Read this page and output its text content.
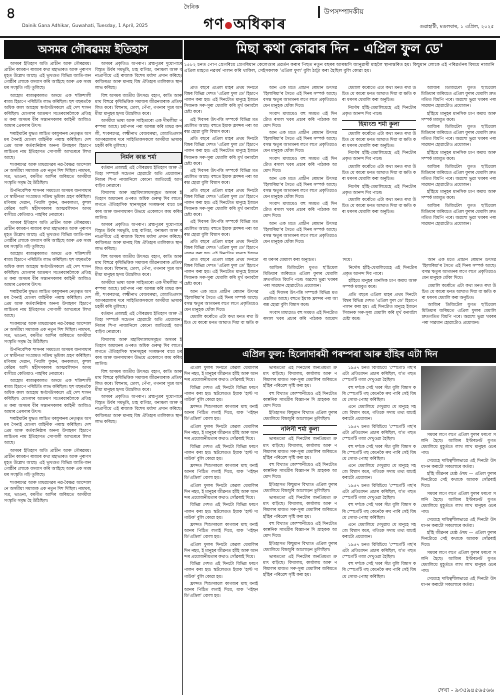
৪
Dainik Gana Adhikar, Guwahati, Tuesday, 1 April, 2025
দৈনিক
গণ অধিকাৰ
উপসম্পাদকীয়
গুৱাহাটী, মঙলবাৰ, ১ এপ্ৰিল, ২০২৫
অসমৰ গৌৰৱময় ইতিহাস

অসমৰ ইতিহাস অতি প্ৰাচীন আৰু গৌৰৱময়। প্ৰাচীন কামৰূপ ৰাজ্যৰ কথা মহাভাৰত আৰু পুৰাণসমূহত উল্লেখ আছে। এই ভূখণ্ডত বিভিন্ন জাতি-জনগোষ্ঠীৰ লোকে বসবাস কৰি আহিছে আৰু এক সমন্বয়ৰ সংস্কৃতি গঢ়ি তুলিছে।

আহোম ৰাজত্বকালত অসমে এক শক্তিশালী ৰাজ্য হিচাপে পৰিচিতি লাভ কৰিছিল। ছশ বছৰতকৈ অধিক কাল আহোম স্বৰ্গদেউসকলে এই দেশ শাসন কৰিছিল। মোগলৰ আক্ৰমণ সতেৰবাৰলৈকে প্ৰতিহত কৰা অসমৰ বীৰ সন্তানসকলৰ কাহিনী আজিও আমাৰ প্ৰেৰণাৰ উৎস।

শৰাইঘাটৰ যুদ্ধত লাচিত বৰফুকনৰ নেতৃত্বত অসমৰ সৈন্যই মোগল বাহিনীক পৰাস্ত কৰিছিল। দেশপ্ৰেম আৰু কৰ্তব্যনিষ্ঠাৰ অনন্য উদাহৰণ হিচাপে লাচিতৰ নাম ইতিহাসত সোণালী আখৰেৰে লিখা আছে।

শংকৰদেৱ আৰু মাধৱদেৱৰ নৱ-বৈষ্ণৱ আন্দোলনে অসমীয়া সমাজক এক নতুন দিশ দিছিল। নামঘৰ, সত্ৰ, ভাওনা, বৰগীত আদিৰ জৰিয়তে অসমীয়া সংস্কৃতি সমৃদ্ধ হৈ উঠিছিল।

উপনিবেশিক শাসনৰ সময়তো অসমৰ জনসাধাৰণে স্বাধীনতা সংগ্ৰামত সক্ৰিয় ভূমিকা গ্ৰহণ কৰিছিল। মণিৰাম দেৱান, পিয়লি ফুকন, কনকলতা, কুশল কোঁৱৰ আদি শ্বহীদসকলৰ আত্মবলিদান অসমবাসীয়ে কেতিয়াও পাহৰিব নোৱাৰে।

অসমৰ ইতিহাস অতি প্ৰাচীন আৰু গৌৰৱময়। প্ৰাচীন কামৰূপ ৰাজ্যৰ কথা মহাভাৰত আৰু পুৰাণসমূহত উল্লেখ আছে। এই ভূখণ্ডত বিভিন্ন জাতি-জনগোষ্ঠীৰ লোকে বসবাস কৰি আহিছে আৰু এক সমন্বয়ৰ সংস্কৃতি গঢ়ি তুলিছে।

আহোম ৰাজত্বকালত অসমে এক শক্তিশালী ৰাজ্য হিচাপে পৰিচিতি লাভ কৰিছিল। ছশ বছৰতকৈ অধিক কাল আহোম স্বৰ্গদেউসকলে এই দেশ শাসন কৰিছিল। মোগলৰ আক্ৰমণ সতেৰবাৰলৈকে প্ৰতিহত কৰা অসমৰ বীৰ সন্তানসকলৰ কাহিনী আজিও আমাৰ প্ৰেৰণাৰ উৎস।

শৰাইঘাটৰ যুদ্ধত লাচিত বৰফুকনৰ নেতৃত্বত অসমৰ সৈন্যই মোগল বাহিনীক পৰাস্ত কৰিছিল। দেশপ্ৰেম আৰু কৰ্তব্যনিষ্ঠাৰ অনন্য উদাহৰণ হিচাপে লাচিতৰ নাম ইতিহাসত সোণালী আখৰেৰে লিখা আছে।

শংকৰদেৱ আৰু মাধৱদেৱৰ নৱ-বৈষ্ণৱ আন্দোলনে অসমীয়া সমাজক এক নতুন দিশ দিছিল। নামঘৰ, সত্ৰ, ভাওনা, বৰগীত আদিৰ জৰিয়তে অসমীয়া সংস্কৃতি সমৃদ্ধ হৈ উঠিছিল।

উপনিবেশিক শাসনৰ সময়তো অসমৰ জনসাধাৰণে স্বাধীনতা সংগ্ৰামত সক্ৰিয় ভূমিকা গ্ৰহণ কৰিছিল। মণিৰাম দেৱান, পিয়লি ফুকন, কনকলতা, কুশল কোঁৱৰ আদি শ্বহীদসকলৰ আত্মবলিদান অসমবাসীয়ে কেতিয়াও পাহৰিব নোৱাৰে।

আহোম ৰাজত্বকালত অসমে এক শক্তিশালী ৰাজ্য হিচাপে পৰিচিতি লাভ কৰিছিল। ছশ বছৰতকৈ অধিক কাল আহোম স্বৰ্গদেউসকলে এই দেশ শাসন কৰিছিল। মোগলৰ আক্ৰমণ সতেৰবাৰলৈকে প্ৰতিহত কৰা অসমৰ বীৰ সন্তানসকলৰ কাহিনী আজিও আমাৰ প্ৰেৰণাৰ উৎস।

শৰাইঘাটৰ যুদ্ধত লাচিত বৰফুকনৰ নেতৃত্বত অসমৰ সৈন্যই মোগল বাহিনীক পৰাস্ত কৰিছিল। দেশপ্ৰেম আৰু কৰ্তব্যনিষ্ঠাৰ অনন্য উদাহৰণ হিচাপে লাচিতৰ নাম ইতিহাসত সোণালী আখৰেৰে লিখা আছে।

অসমৰ ইতিহাস অতি প্ৰাচীন আৰু গৌৰৱময়। প্ৰাচীন কামৰূপ ৰাজ্যৰ কথা মহাভাৰত আৰু পুৰাণসমূহত উল্লেখ আছে। এই ভূখণ্ডত বিভিন্ন জাতি-জনগোষ্ঠীৰ লোকে বসবাস কৰি আহিছে আৰু এক সমন্বয়ৰ সংস্কৃতি গঢ়ি তুলিছে।

শংকৰদেৱ আৰু মাধৱদেৱৰ নৱ-বৈষ্ণৱ আন্দোলনে অসমীয়া সমাজক এক নতুন দিশ দিছিল। নামঘৰ, সত্ৰ, ভাওনা, বৰগীত আদিৰ জৰিয়তে অসমীয়া সংস্কৃতি সমৃদ্ধ হৈ উঠিছিল।

অসমৰ প্ৰকৃতিও অপৰূপ। ব্ৰহ্মপুত্ৰৰ দুয়োপাৰে বিস্তৃত উৰ্বৰ সমভূমি, চাহ বাগিচা, বনাঞ্চল আৰু বন্যপ্ৰাণীয়ে এই ৰাজ্যক বিশেষ মৰ্যাদা প্ৰদান কৰিছে। কাজিৰঙা আৰু মানাহ বিশ্ব ঐতিহ্যৰ তালিকাত স্থান লাভ কৰিছে।

বিহু অসমৰ জাতীয় উৎসৱ। বহাগ, কাতি আৰু মাঘ বিহুৱে কৃষিভিত্তিক সমাজৰ জীৱনধাৰাক প্ৰতিফলিত কৰে। বিহুনাম, ঢোল, পেঁপা, গগনাৰ সুৰে অসমীয়া মানুহৰ হৃদয় উদ্বেলিত কৰে।

অসমীয়া ভাষা আৰু সাহিত্যৰো এক দীঘলীয়া পৰম্পৰা আছে। চৰ্যাপদৰ পৰা আৰম্ভ কৰি মাধৱ কন্দলী, শংকৰদেৱ, লক্ষ্মীনাথ বেজবৰুৱা, জ্যোতিপ্ৰসাদ আগৰৱালাৰ দৰে সাহিত্যিকসকলে অসমীয়া ভাষাক চহকী কৰি তুলিছে।

নিৰ্মল কান্ত শৰ্মা

বৰ্তমান প্ৰজন্মই এই গৌৰৱময় ইতিহাস আৰু ঐতিহ্য সম্পৰ্কে সচেতন হোৱাটো অতি প্ৰয়োজন। নিজৰ শিপা নাজানিলে কোনো জাতিয়েই আগবাঢ়িব নোৱাৰে।

বিদ্যালয় আৰু মহাবিদ্যালয়সমূহত অসমৰ ইতিহাস অধ্যয়নৰ ওপৰত অধিক গুৰুত্ব দিব লাগে। লগতে ঐতিহাসিক স্থানসমূহৰ সংৰক্ষণৰ বাবে চৰকাৰ আৰু জনসাধাৰণ উভয়ে একেলগে কাম কৰিব লাগিব।

অসমৰ প্ৰকৃতিও অপৰূপ। ব্ৰহ্মপুত্ৰৰ দুয়োপাৰে বিস্তৃত উৰ্বৰ সমভূমি, চাহ বাগিচা, বনাঞ্চল আৰু বন্যপ্ৰাণীয়ে এই ৰাজ্যক বিশেষ মৰ্যাদা প্ৰদান কৰিছে। কাজিৰঙা আৰু মানাহ বিশ্ব ঐতিহ্যৰ তালিকাত স্থান লাভ কৰিছে।

বিহু অসমৰ জাতীয় উৎসৱ। বহাগ, কাতি আৰু মাঘ বিহুৱে কৃষিভিত্তিক সমাজৰ জীৱনধাৰাক প্ৰতিফলিত কৰে। বিহুনাম, ঢোল, পেঁপা, গগনাৰ সুৰে অসমীয়া মানুহৰ হৃদয় উদ্বেলিত কৰে।

অসমীয়া ভাষা আৰু সাহিত্যৰো এক দীঘলীয়া পৰম্পৰা আছে। চৰ্যাপদৰ পৰা আৰম্ভ কৰি মাধৱ কন্দলী, শংকৰদেৱ, লক্ষ্মীনাথ বেজবৰুৱা, জ্যোতিপ্ৰসাদ আগৰৱালাৰ দৰে সাহিত্যিকসকলে অসমীয়া ভাষাক চহকী কৰি তুলিছে।

বৰ্তমান প্ৰজন্মই এই গৌৰৱময় ইতিহাস আৰু ঐতিহ্য সম্পৰ্কে সচেতন হোৱাটো অতি প্ৰয়োজন। নিজৰ শিপা নাজানিলে কোনো জাতিয়েই আগবাঢ়িব নোৱাৰে।

বিদ্যালয় আৰু মহাবিদ্যালয়সমূহত অসমৰ ইতিহাস অধ্যয়নৰ ওপৰত অধিক গুৰুত্ব দিব লাগে। লগতে ঐতিহাসিক স্থানসমূহৰ সংৰক্ষণৰ বাবে চৰকাৰ আৰু জনসাধাৰণ উভয়ে একেলগে কাম কৰিব লাগিব।

বিহু অসমৰ জাতীয় উৎসৱ। বহাগ, কাতি আৰু মাঘ বিহুৱে কৃষিভিত্তিক সমাজৰ জীৱনধাৰাক প্ৰতিফলিত কৰে। বিহুনাম, ঢোল, পেঁপা, গগনাৰ সুৰে অসমীয়া মানুহৰ হৃদয় উদ্বেলিত কৰে।

অসমৰ প্ৰকৃতিও অপৰূপ। ব্ৰহ্মপুত্ৰৰ দুয়োপাৰে বিস্তৃত উৰ্বৰ সমভূমি, চাহ বাগিচা, বনাঞ্চল আৰু বন্যপ্ৰাণীয়ে এই ৰাজ্যক বিশেষ মৰ্যাদা প্ৰদান কৰিছে। কাজিৰঙা আৰু মানাহ বিশ্ব ঐতিহ্যৰ তালিকাত স্থান লাভ কৰিছে।

মিছা কথা কোৱাৰ দিন - এপ্ৰিল ফুল ডে'
১৫৮২ চনত পোপ গ্ৰেগৰিয়ে গ্ৰেগৰিয়ান কেলেণ্ডাৰ প্ৰৱৰ্তন কৰাৰ পিছত নতুন বছৰৰ আৰম্ভণি জানুৱাৰী মাহলৈ স্থানান্তৰিত হয়। কিছুমান লোকে এই পৰিৱৰ্তনৰ বিষয়ে নাজানি এপ্ৰিল মাহতে নৱবৰ্ষ পালন কৰি থাকিল, সেইসকলক 'এপ্ৰিল ফুল' বুলি ঠাট্টা কৰা হৈছিল বুলি কোৱা হয়।

প্ৰতি বছৰে এপ্ৰিল মাহৰ প্ৰথম দিনটো বিশ্বৰ বিভিন্ন দেশত 'এপ্ৰিল ফুল ডে' হিচাপে পালন কৰা হয়। এই দিনটোত মানুহে ইজনে সিজনক সৰু-সুৰা ধেমালি কৰি মূৰ্খ বনাবলৈ চেষ্টা কৰে।

এই দিবসৰ উৎপত্তি সম্পৰ্কে বিভিন্ন মত প্ৰচলিত আছে। বহুতে ইয়াক ফ্ৰান্সৰ পৰা আৰম্ভ হোৱা বুলি বিশ্বাস কৰে।

প্ৰতি বছৰে এপ্ৰিল মাহৰ প্ৰথম দিনটো বিশ্বৰ বিভিন্ন দেশত 'এপ্ৰিল ফুল ডে' হিচাপে পালন কৰা হয়। এই দিনটোত মানুহে ইজনে সিজনক সৰু-সুৰা ধেমালি কৰি মূৰ্খ বনাবলৈ চেষ্টা কৰে।

এই দিবসৰ উৎপত্তি সম্পৰ্কে বিভিন্ন মত প্ৰচলিত আছে। বহুতে ইয়াক ফ্ৰান্সৰ পৰা আৰম্ভ হোৱা বুলি বিশ্বাস কৰে।

প্ৰতি বছৰে এপ্ৰিল মাহৰ প্ৰথম দিনটো বিশ্বৰ বিভিন্ন দেশত 'এপ্ৰিল ফুল ডে' হিচাপে পালন কৰা হয়। এই দিনটোত মানুহে ইজনে সিজনক সৰু-সুৰা ধেমালি কৰি মূৰ্খ বনাবলৈ চেষ্টা কৰে।

এই দিবসৰ উৎপত্তি সম্পৰ্কে বিভিন্ন মত প্ৰচলিত আছে। বহুতে ইয়াক ফ্ৰান্সৰ পৰা আৰম্ভ হোৱা বুলি বিশ্বাস কৰে।

প্ৰতি বছৰে এপ্ৰিল মাহৰ প্ৰথম দিনটো বিশ্বৰ বিভিন্ন দেশত 'এপ্ৰিল ফুল ডে' হিচাপে

আন এক মতে প্ৰাচীন ৰোমান উৎসৱ 'হিলাৰিয়া'ৰ সৈতে এই দিনৰ সম্পৰ্ক আছে। বসন্ত ঋতুৰ আগমনৰ লগে লগে প্ৰকৃতিয়েও যেন মানুহক ধোঁকা দিয়ে।

সংবাদ মাধ্যমেও বহু সময়ত এই দিনটোত ৰসাল খবৰ প্ৰচাৰ কৰি পাঠকক আমোদ দিয়ে।

আন এক মতে প্ৰাচীন ৰোমান উৎসৱ 'হিলাৰিয়া'ৰ সৈতে এই দিনৰ সম্পৰ্ক আছে। বসন্ত ঋতুৰ আগমনৰ লগে লগে প্ৰকৃতিয়েও যেন মানুহক ধোঁকা দিয়ে।

সংবাদ মাধ্যমেও বহু সময়ত এই দিনটোত ৰসাল খবৰ প্ৰচাৰ কৰি পাঠকক আমোদ দিয়ে।

আন এক মতে প্ৰাচীন ৰোমান উৎসৱ 'হিলাৰিয়া'ৰ সৈতে এই দিনৰ সম্পৰ্ক আছে। বসন্ত ঋতুৰ আগমনৰ লগে লগে প্ৰকৃতিয়েও যেন মানুহক ধোঁকা দিয়ে।

সংবাদ মাধ্যমেও বহু সময়ত এই দিনটোত ৰসাল খবৰ প্ৰচাৰ কৰি পাঠকক আমোদ দিয়ে।

আন এক মতে প্ৰাচীন ৰোমান উৎসৱ 'হিলাৰিয়া'ৰ সৈতে এই দিনৰ সম্পৰ্ক আছে। বসন্ত ঋতুৰ আগমনৰ লগে লগে প্ৰকৃতিয়েও যেন মানুহক ধোঁকা দিয়ে।

ধেমালি কৰোঁতে এটা কথা মনত ৰখা উচিত যে কাৰো মনত আঘাত দিয়া বা ক্ষতি কৰা ধৰণৰ ধেমালি কৰা অনুচিত।

নিৰ্দোষ হাঁহি-ধেমালিয়েহে এই দিনটোৰ প্ৰকৃত আনন্দ দিব পাৰে।

হিমাংশু শৰ্মা কুলা

ধেমালি কৰোঁতে এটা কথা মনত ৰখা উচিত যে কাৰো মনত আঘাত দিয়া বা ক্ষতি কৰা ধৰণৰ ধেমালি কৰা অনুচিত।

নিৰ্দোষ হাঁহি-ধেমালিয়েহে এই দিনটোৰ প্ৰকৃত আনন্দ দিব পাৰে।

ধেমালি কৰোঁতে এটা কথা মনত ৰখা উচিত যে কাৰো মনত আঘাত দিয়া বা ক্ষতি কৰা ধৰণৰ ধেমালি কৰা অনুচিত।

নিৰ্দোষ হাঁহি-ধেমালিয়েহে এই দিনটোৰ প্ৰকৃত আনন্দ দিব পাৰে।

ধেমালি কৰোঁতে এটা কথা মনত ৰখা উচিত যে কাৰো মনত আঘাত দিয়া বা ক্ষতি কৰা ধৰণৰ ধেমালি কৰা অনুচিত।

আজিৰ ডিজিটেল যুগত ছ'চিয়েল মিডিয়াৰ জৰিয়তে এপ্ৰিল ফুলৰ ধেমালি দ্ৰুতগতিত বিয়পি পৰে। অৱশ্যে ভুৱা খবৰৰ পৰা সাৱধান হোৱাটোও প্ৰয়োজন।

হাঁহিয়ে মানুহৰ মানসিক চাপ কমায় আৰু সম্পৰ্ক মজবুত কৰে।

আজিৰ ডিজিটেল যুগত ছ'চিয়েল মিডিয়াৰ জৰিয়তে এপ্ৰিল ফুলৰ ধেমালি দ্ৰুতগতিত বিয়পি পৰে। অৱশ্যে ভুৱা খবৰৰ পৰা সাৱধান হোৱাটোও প্ৰয়োজন।

হাঁহিয়ে মানুহৰ মানসিক চাপ কমায় আৰু সম্পৰ্ক মজবুত কৰে।

আজিৰ ডিজিটেল যুগত ছ'চিয়েল মিডিয়াৰ জৰিয়তে এপ্ৰিল ফুলৰ ধেমালি দ্ৰুতগতিত বিয়পি পৰে। অৱশ্যে ভুৱা খবৰৰ পৰা সাৱধান হোৱাটোও প্ৰয়োজন।

হাঁহিয়ে মানুহৰ মানসিক চাপ কমায় আৰু সম্পৰ্ক মজবুত কৰে।

আজিৰ ডিজিটেল যুগত ছ'চিয়েল মিডিয়াৰ জৰিয়তে এপ্ৰিল ফুলৰ ধেমালি দ্ৰুতগতিত বিয়পি পৰে। অৱশ্যে ভুৱা খবৰৰ পৰা সাৱধান হোৱাটোও প্ৰয়োজন।

প্ৰতি বছৰে এপ্ৰিল মাহৰ প্ৰথম দিনটো বিশ্বৰ বিভিন্ন দেশত 'এপ্ৰিল ফুল ডে' হিচাপে পালন কৰা হয়। এই দিনটোত মানুহে ইজনে সিজনক সৰু-সুৰা ধেমালি কৰি মূৰ্খ বনাবলৈ চেষ্টা কৰে।

আন এক মতে প্ৰাচীন ৰোমান উৎসৱ 'হিলাৰিয়া'ৰ সৈতে এই দিনৰ সম্পৰ্ক আছে। বসন্ত ঋতুৰ আগমনৰ লগে লগে প্ৰকৃতিয়েও যেন মানুহক ধোঁকা দিয়ে।

ধেমালি কৰোঁতে এটা কথা মনত ৰখা উচিত যে কাৰো মনত আঘাত দিয়া বা ক্ষতি কৰা ধৰণৰ ধেমালি কৰা অনুচিত।

আজিৰ ডিজিটেল যুগত ছ'চিয়েল মিডিয়াৰ জৰিয়তে এপ্ৰিল ফুলৰ ধেমালি দ্ৰুতগতিত বিয়পি পৰে। অৱশ্যে ভুৱা খবৰৰ পৰা সাৱধান হোৱাটোও প্ৰয়োজন।

এই দিবসৰ উৎপত্তি সম্পৰ্কে বিভিন্ন মত প্ৰচলিত আছে। বহুতে ইয়াক ফ্ৰান্সৰ পৰা আৰম্ভ হোৱা বুলি বিশ্বাস কৰে।

সংবাদ মাধ্যমেও বহু সময়ত এই দিনটোত ৰসাল খবৰ প্ৰচাৰ কৰি পাঠকক আমোদ দিয়ে।

নিৰ্দোষ হাঁহি-ধেমালিয়েহে এই দিনটোৰ প্ৰকৃত আনন্দ দিব পাৰে।

হাঁহিয়ে মানুহৰ মানসিক চাপ কমায় আৰু সম্পৰ্ক মজবুত কৰে।

প্ৰতি বছৰে এপ্ৰিল মাহৰ প্ৰথম দিনটো বিশ্বৰ বিভিন্ন দেশত 'এপ্ৰিল ফুল ডে' হিচাপে পালন কৰা হয়। এই দিনটোত মানুহে ইজনে সিজনক সৰু-সুৰা ধেমালি কৰি মূৰ্খ বনাবলৈ চেষ্টা কৰে।

আন এক মতে প্ৰাচীন ৰোমান উৎসৱ 'হিলাৰিয়া'ৰ সৈতে এই দিনৰ সম্পৰ্ক আছে। বসন্ত ঋতুৰ আগমনৰ লগে লগে প্ৰকৃতিয়েও যেন মানুহক ধোঁকা দিয়ে।

ধেমালি কৰোঁতে এটা কথা মনত ৰখা উচিত যে কাৰো মনত আঘাত দিয়া বা ক্ষতি কৰা ধৰণৰ ধেমালি কৰা অনুচিত।

আজিৰ ডিজিটেল যুগত ছ'চিয়েল মিডিয়াৰ জৰিয়তে এপ্ৰিল ফুলৰ ধেমালি দ্ৰুতগতিত বিয়পি পৰে। অৱশ্যে ভুৱা খবৰৰ পৰা সাৱধান হোৱাটোও প্ৰয়োজন।

এপ্ৰিল ফুল: হিলোদাৰমী পৰম্পৰা আৰু হাঁহিৰ এটা দিন

এপ্ৰিল ফুলৰ দিনটো কেৱল ধেমালিৰ দিন নহয়, ই মানুহৰ জীৱনত হাঁহি আৰু আনন্দৰ প্ৰয়োজনীয়তাৰ কথাও সোঁৱৰাই দিয়ে।

বিভিন্ন দেশত এই দিনটো বিভিন্ন ধৰণে পালন কৰা হয়। স্কটলেণ্ডত ইয়াক 'হান্ট দ্য গাউক' বুলি কোৱা হয়।

ফ্ৰান্সত শিশুসকলে কাগজৰ মাছ বনাই আনৰ পিঠিত লগাই দিয়ে, যাক 'পইছন ডি'এভ্ৰিল' বোলা হয়।

এপ্ৰিল ফুলৰ দিনটো কেৱল ধেমালিৰ দিন নহয়, ই মানুহৰ জীৱনত হাঁহি আৰু আনন্দৰ প্ৰয়োজনীয়তাৰ কথাও সোঁৱৰাই দিয়ে।

বিভিন্ন দেশত এই দিনটো বিভিন্ন ধৰণে পালন কৰা হয়। স্কটলেণ্ডত ইয়াক 'হান্ট দ্য গাউক' বুলি কোৱা হয়।

ফ্ৰান্সত শিশুসকলে কাগজৰ মাছ বনাই আনৰ পিঠিত লগাই দিয়ে, যাক 'পইছন ডি'এভ্ৰিল' বোলা হয়।

এপ্ৰিল ফুলৰ দিনটো কেৱল ধেমালিৰ দিন নহয়, ই মানুহৰ জীৱনত হাঁহি আৰু আনন্দৰ প্ৰয়োজনীয়তাৰ কথাও সোঁৱৰাই দিয়ে।

বিভিন্ন দেশত এই দিনটো বিভিন্ন ধৰণে পালন কৰা হয়। স্কটলেণ্ডত ইয়াক 'হান্ট দ্য গাউক' বুলি কোৱা হয়।

ফ্ৰান্সত শিশুসকলে কাগজৰ মাছ বনাই আনৰ পিঠিত লগাই দিয়ে, যাক 'পইছন ডি'এভ্ৰিল' বোলা হয়।

এপ্ৰিল ফুলৰ দিনটো কেৱল ধেমালিৰ দিন নহয়, ই মানুহৰ জীৱনত হাঁহি আৰু আনন্দৰ প্ৰয়োজনীয়তাৰ কথাও সোঁৱৰাই দিয়ে।

বিভিন্ন দেশত এই দিনটো বিভিন্ন ধৰণে পালন কৰা হয়। স্কটলেণ্ডত ইয়াক 'হান্ট দ্য গাউক' বুলি কোৱা হয়।

ফ্ৰান্সত শিশুসকলে কাগজৰ মাছ বনাই আনৰ পিঠিত লগাই দিয়ে, যাক 'পইছন ডি'এভ্ৰিল' বোলা হয়।

ভাৰততো এই দিনটোৰ জনপ্ৰিয়তা ক্ৰমাৎ বাঢ়িছে। বিদ্যালয়, কাৰ্যালয় আৰু পৰিয়ালৰ মাজত সৰু-সুৰা ধেমালিৰ জৰিয়তে হাঁহিৰ পৰিৱেশ সৃষ্টি কৰা হয়।

বহু বিখ্যাত কোম্পানীয়েও এই দিনটোত কাল্পনিক সামগ্ৰীৰ বিজ্ঞাপন দি গ্ৰাহকক আমোদ দিয়ে।

ইতিহাসত কিছুমান বিখ্যাত এপ্ৰিল ফুলৰ ধেমালিয়ে বিশ্বজুৰি আলোড়ন তুলিছিল।

নলিনী শৰ্মা কুলা

ভাৰততো এই দিনটোৰ জনপ্ৰিয়তা ক্ৰমাৎ বাঢ়িছে। বিদ্যালয়, কাৰ্যালয় আৰু পৰিয়ালৰ মাজত সৰু-সুৰা ধেমালিৰ জৰিয়তে হাঁহিৰ পৰিৱেশ সৃষ্টি কৰা হয়।

বহু বিখ্যাত কোম্পানীয়েও এই দিনটোত কাল্পনিক সামগ্ৰীৰ বিজ্ঞাপন দি গ্ৰাহকক আমোদ দিয়ে।

ইতিহাসত কিছুমান বিখ্যাত এপ্ৰিল ফুলৰ ধেমালিয়ে বিশ্বজুৰি আলোড়ন তুলিছিল।

ভাৰততো এই দিনটোৰ জনপ্ৰিয়তা ক্ৰমাৎ বাঢ়িছে। বিদ্যালয়, কাৰ্যালয় আৰু পৰিয়ালৰ মাজত সৰু-সুৰা ধেমালিৰ জৰিয়তে হাঁহিৰ পৰিৱেশ সৃষ্টি কৰা হয়।

বহু বিখ্যাত কোম্পানীয়েও এই দিনটোত কাল্পনিক সামগ্ৰীৰ বিজ্ঞাপন দি গ্ৰাহকক আমোদ দিয়ে।

ইতিহাসত কিছুমান বিখ্যাত এপ্ৰিল ফুলৰ ধেমালিয়ে বিশ্বজুৰি আলোড়ন তুলিছিল।

ভাৰততো এই দিনটোৰ জনপ্ৰিয়তা ক্ৰমাৎ বাঢ়িছে। বিদ্যালয়, কাৰ্যালয় আৰু পৰিয়ালৰ মাজত সৰু-সুৰা ধেমালিৰ জৰিয়তে হাঁহিৰ পৰিৱেশ সৃষ্টি কৰা হয়।

১৯৫৭ চনত বিবিচিয়ে 'স্পেগেটি গছ'ৰ এটা প্ৰতিবেদন প্ৰচাৰ কৰিছিল, য'ত গছত স্পেগেটি গজা দেখুওৱা হৈছিল।

বহু দৰ্শকে সেই খবৰ সঁচা বুলি বিশ্বাস কৰি স্পেগেটি গছ কেনেকৈ ৰুব পাৰি সেই বিষয়ে সোধা-পোছা কৰিছিল।

এনে ধেমালিয়ে দেখুৱায় যে মানুহে সহজে বিশ্বাস কৰে, গতিকে সদায় তথ্য যাচাই কৰাটো প্ৰয়োজন।

১৯৫৭ চনত বিবিচিয়ে 'স্পেগেটি গছ'ৰ এটা প্ৰতিবেদন প্ৰচাৰ কৰিছিল, য'ত গছত স্পেগেটি গজা দেখুওৱা হৈছিল।

বহু দৰ্শকে সেই খবৰ সঁচা বুলি বিশ্বাস কৰি স্পেগেটি গছ কেনেকৈ ৰুব পাৰি সেই বিষয়ে সোধা-পোছা কৰিছিল।

এনে ধেমালিয়ে দেখুৱায় যে মানুহে সহজে বিশ্বাস কৰে, গতিকে সদায় তথ্য যাচাই কৰাটো প্ৰয়োজন।

১৯৫৭ চনত বিবিচিয়ে 'স্পেগেটি গছ'ৰ এটা প্ৰতিবেদন প্ৰচাৰ কৰিছিল, য'ত গছত স্পেগেটি গজা দেখুওৱা হৈছিল।

বহু দৰ্শকে সেই খবৰ সঁচা বুলি বিশ্বাস কৰি স্পেগেটি গছ কেনেকৈ ৰুব পাৰি সেই বিষয়ে সোধা-পোছা কৰিছিল।

এনে ধেমালিয়ে দেখুৱায় যে মানুহে সহজে বিশ্বাস কৰে, গতিকে সদায় তথ্য যাচাই কৰাটো প্ৰয়োজন।

১৯৫৭ চনত বিবিচিয়ে 'স্পেগেটি গছ'ৰ এটা প্ৰতিবেদন প্ৰচাৰ কৰিছিল, য'ত গছত স্পেগেটি গজা দেখুওৱা হৈছিল।

বহু দৰ্শকে সেই খবৰ সঁচা বুলি বিশ্বাস কৰি স্পেগেটি গছ কেনেকৈ ৰুব পাৰি সেই বিষয়ে সোধা-পোছা কৰিছিল।

সময়ৰ লগে লগে এপ্ৰিল ফুলৰ ধৰণো সলনি হৈছে। আজিৰ ইণ্টাৰনেট যুগত ধেমালিয়ে মুহূৰ্ততে লাখ লাখ মানুহৰ ওচৰ পায়।

সেয়েহে দায়িত্বশীলভাৱে এই দিনটো উদযাপন কৰাটো সকলোৰে কৰ্তব্য।

হাঁহি জীৱনৰ শ্ৰেষ্ঠ ঔষধ — এপ্ৰিল ফুলৰ দিনটোৱে সেই কথাকে আমাক সোঁৱৰাই দিয়ে।

সময়ৰ লগে লগে এপ্ৰিল ফুলৰ ধৰণো সলনি হৈছে। আজিৰ ইণ্টাৰনেট যুগত ধেমালিয়ে মুহূৰ্ততে লাখ লাখ মানুহৰ ওচৰ পায়।

সেয়েহে দায়িত্বশীলভাৱে এই দিনটো উদযাপন কৰাটো সকলোৰে কৰ্তব্য।

হাঁহি জীৱনৰ শ্ৰেষ্ঠ ঔষধ — এপ্ৰিল ফুলৰ দিনটোৱে সেই কথাকে আমাক সোঁৱৰাই দিয়ে।

সময়ৰ লগে লগে এপ্ৰিল ফুলৰ ধৰণো সলনি হৈছে। আজিৰ ইণ্টাৰনেট যুগত ধেমালিয়ে মুহূৰ্ততে লাখ লাখ মানুহৰ ওচৰ পায়।

সেয়েহে দায়িত্বশীলভাৱে এই দিনটো উদযাপন কৰাটো সকলোৰে কৰ্তব্য।

দেখা - ৯৩৫৯৪৫৬৫৬৬
